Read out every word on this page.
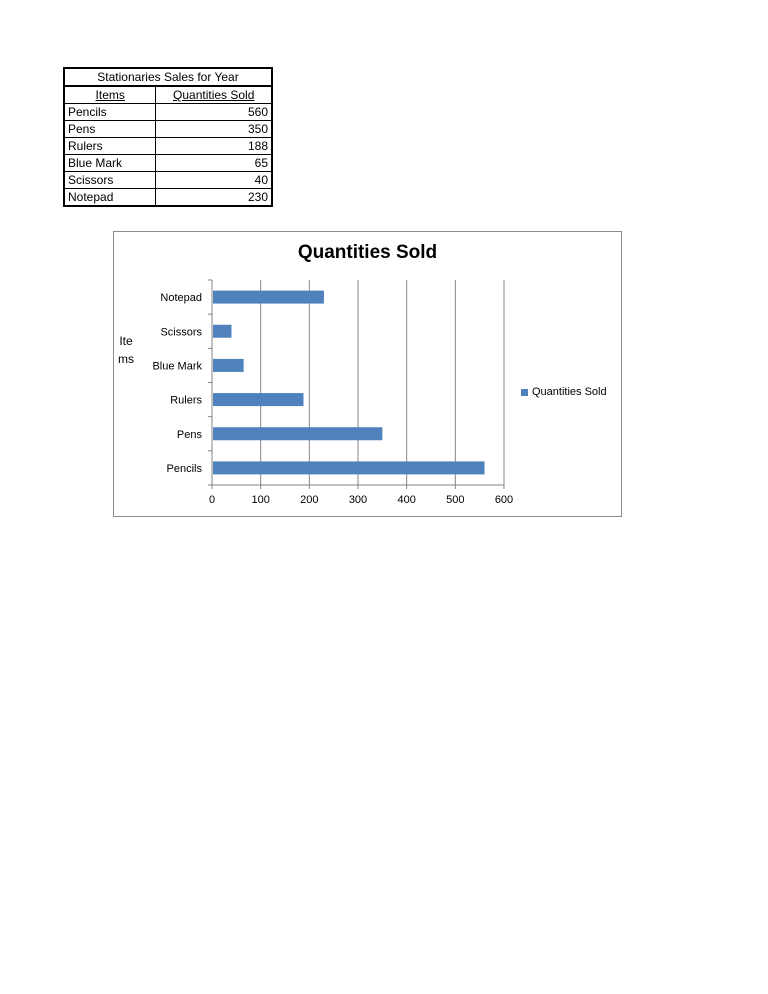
Stationaries Sales for Year	
Items	Quantities Sold
Pencils	560
Pens	350
Rulers	188
Blue Mark	65
Scissors	40
Notepad	230
Quantities Sold
Items
0	100	200	300	400	500	600
Pencils
Pens
Rulers
Blue Mark
Scissors
Notepad
Quantities Sold
